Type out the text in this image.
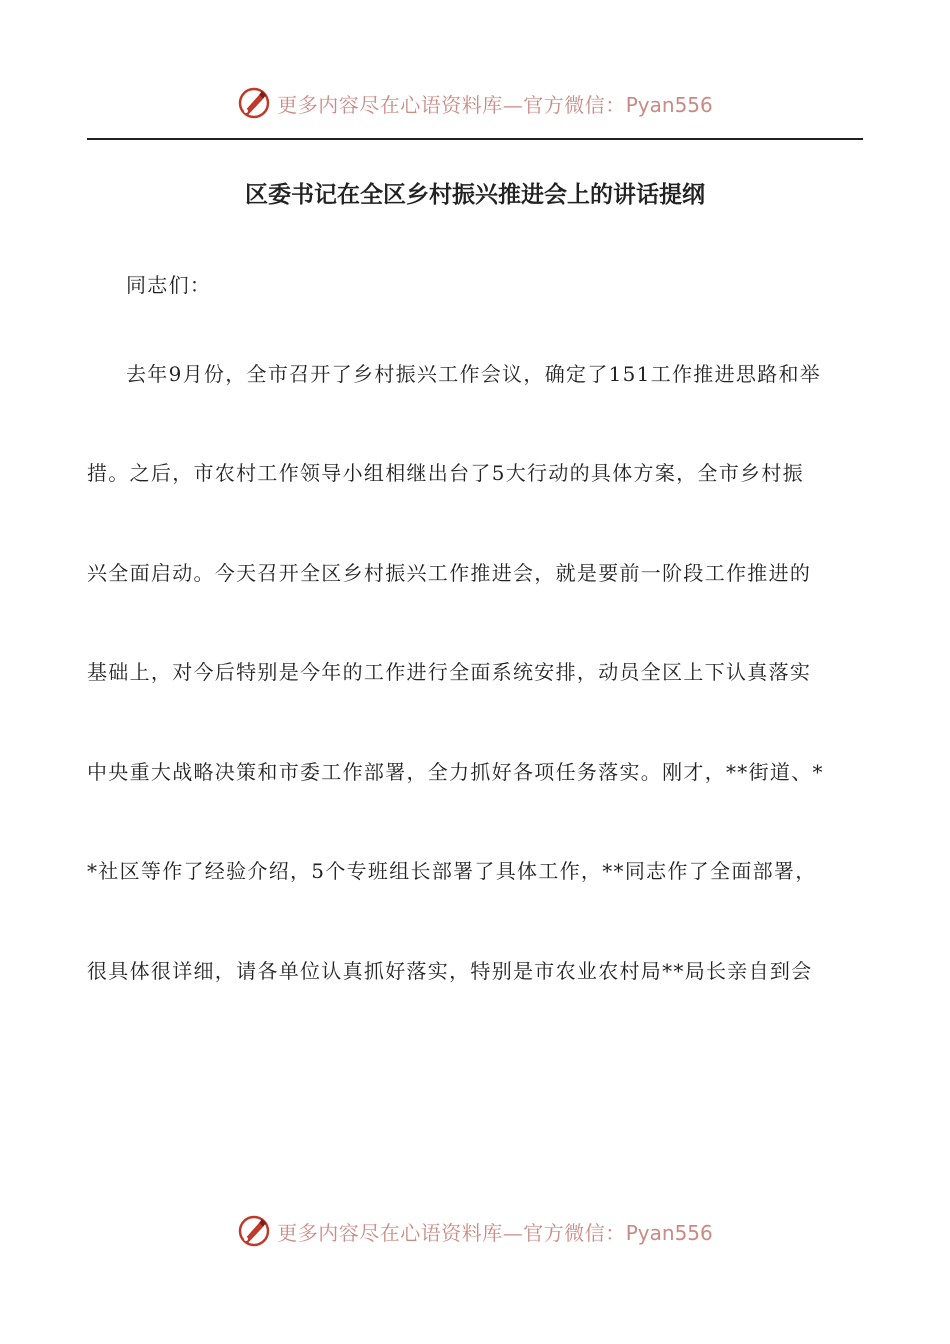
更多内容尽在心语资料库—官方微信：Pyan556
区委书记在全区乡村振兴推进会上的讲话提纲
同志们：
去年9月份，全市召开了乡村振兴工作会议，确定了151工作推进思路和举
措。之后，市农村工作领导小组相继出台了5大行动的具体方案，全市乡村振
兴全面启动。今天召开全区乡村振兴工作推进会，就是要前一阶段工作推进的
基础上，对今后特别是今年的工作进行全面系统安排，动员全区上下认真落实
中央重大战略决策和市委工作部署，全力抓好各项任务落实。刚才，**街道、*
*社区等作了经验介绍，5个专班组长部署了具体工作，**同志作了全面部署，
很具体很详细，请各单位认真抓好落实，特别是市农业农村局**局长亲自到会
更多内容尽在心语资料库—官方微信：Pyan556
